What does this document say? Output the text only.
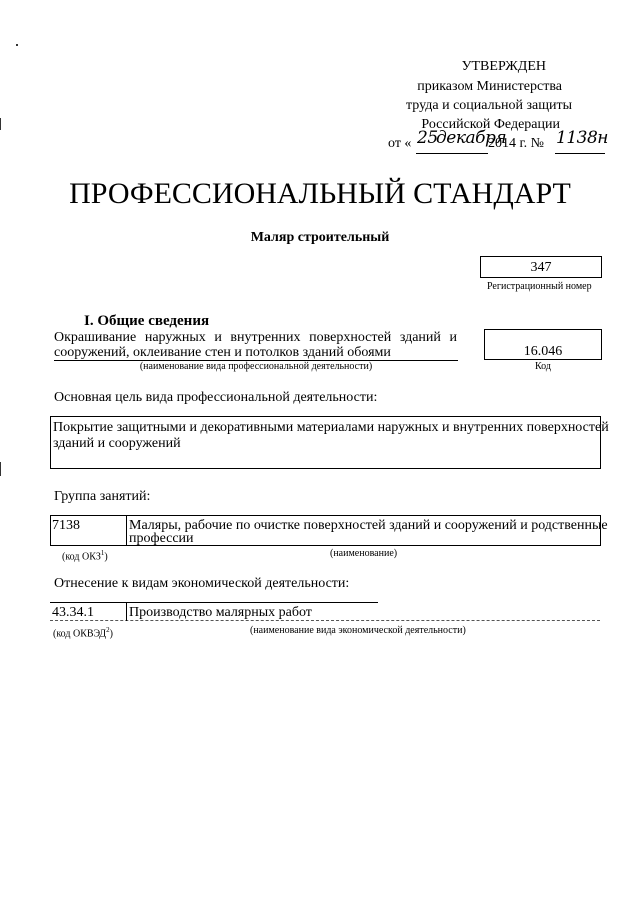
УТВЕРЖДЕН
приказом Министерства
труда и социальной защиты
Российской Федерации
от « 25
декабря
2014 г. № 1138н
ПРОФЕССИОНАЛЬНЫЙ СТАНДАРТ
Маляр строительный
347
Регистрационный номер
I. Общие сведения
Окрашивание наружных и внутренних поверхностей зданий и
сооружений, оклеивание стен и потолков зданий обоями
(наименование вида профессиональной деятельности)
16.046
Код
Основная цель вида профессиональной деятельности:
Покрытие защитными и декоративными материалами наружных и внутренних поверхностей
зданий и сооружений
Группа занятий:
7138	Маляры, рабочие по очистке поверхностей зданий и сооружений и родственные
профессии
(код ОКЗ$^1$)	(наименование)
Отнесение к видам экономической деятельности:
43.34.1	Производство малярных работ
(код ОКВЭД$^2$)	(наименование вида экономической деятельности)
